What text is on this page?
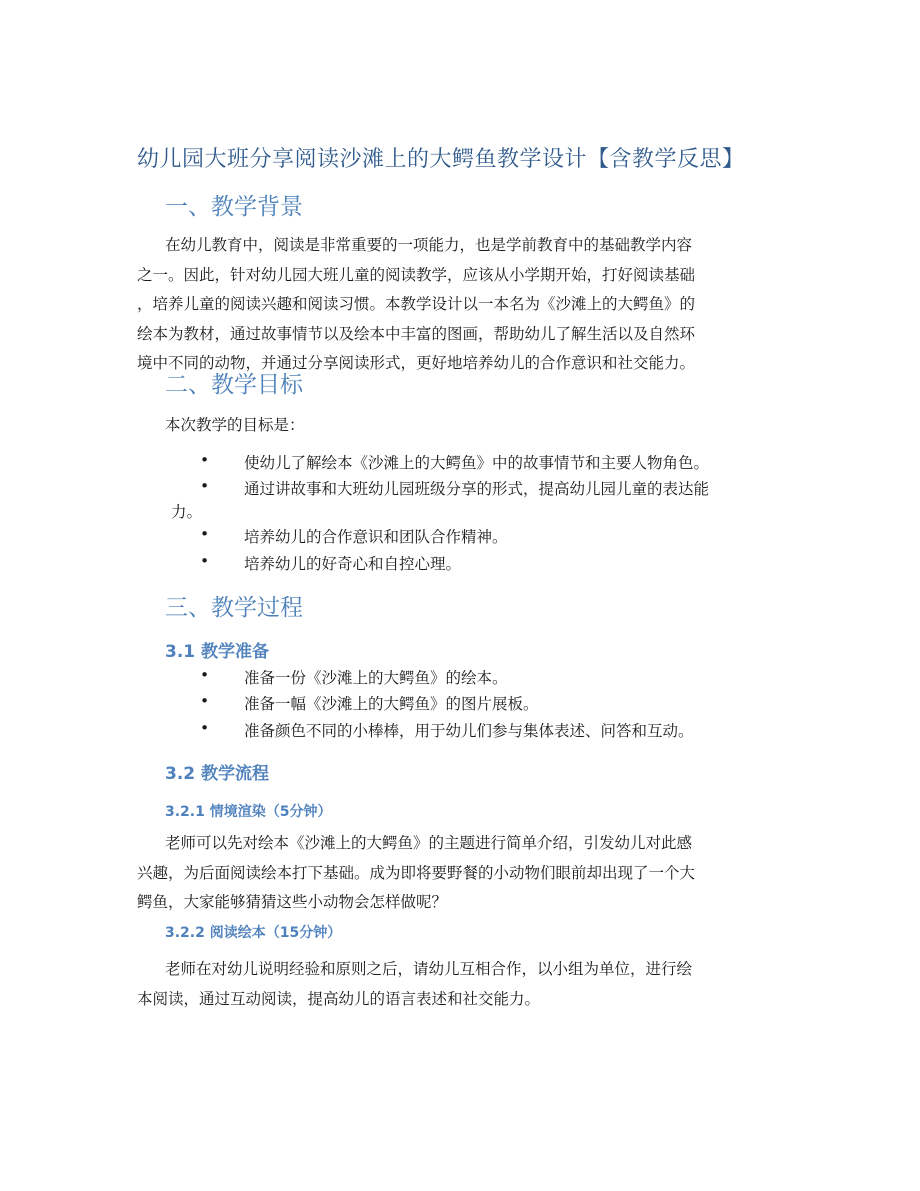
幼儿园大班分享阅读沙滩上的大鳄鱼教学设计【含教学反思】
一、教学背景
在幼儿教育中，阅读是非常重要的一项能力，也是学前教育中的基础教学内容
之一。因此，针对幼儿园大班儿童的阅读教学，应该从小学期开始，打好阅读基础
，培养儿童的阅读兴趣和阅读习惯。本教学设计以一本名为《沙滩上的大鳄鱼》的
绘本为教材，通过故事情节以及绘本中丰富的图画，帮助幼儿了解生活以及自然环
境中不同的动物，并通过分享阅读形式，更好地培养幼儿的合作意识和社交能力。
二、教学目标
本次教学的目标是：
• 使幼儿了解绘本《沙滩上的大鳄鱼》中的故事情节和主要人物角色。
• 通过讲故事和大班幼儿园班级分享的形式，提高幼儿园儿童的表达能
力。
• 培养幼儿的合作意识和团队合作精神。
• 培养幼儿的好奇心和自控心理。
三、教学过程
3.1 教学准备
• 准备一份《沙滩上的大鳄鱼》的绘本。
• 准备一幅《沙滩上的大鳄鱼》的图片展板。
• 准备颜色不同的小棒棒，用于幼儿们参与集体表述、问答和互动。
3.2 教学流程
3.2.1 情境渲染（5分钟）
老师可以先对绘本《沙滩上的大鳄鱼》的主题进行简单介绍，引发幼儿对此感
兴趣，为后面阅读绘本打下基础。成为即将要野餐的小动物们眼前却出现了一个大
鳄鱼，大家能够猜猜这些小动物会怎样做呢？
3.2.2 阅读绘本（15分钟）
老师在对幼儿说明经验和原则之后，请幼儿互相合作，以小组为单位，进行绘
本阅读，通过互动阅读，提高幼儿的语言表述和社交能力。
